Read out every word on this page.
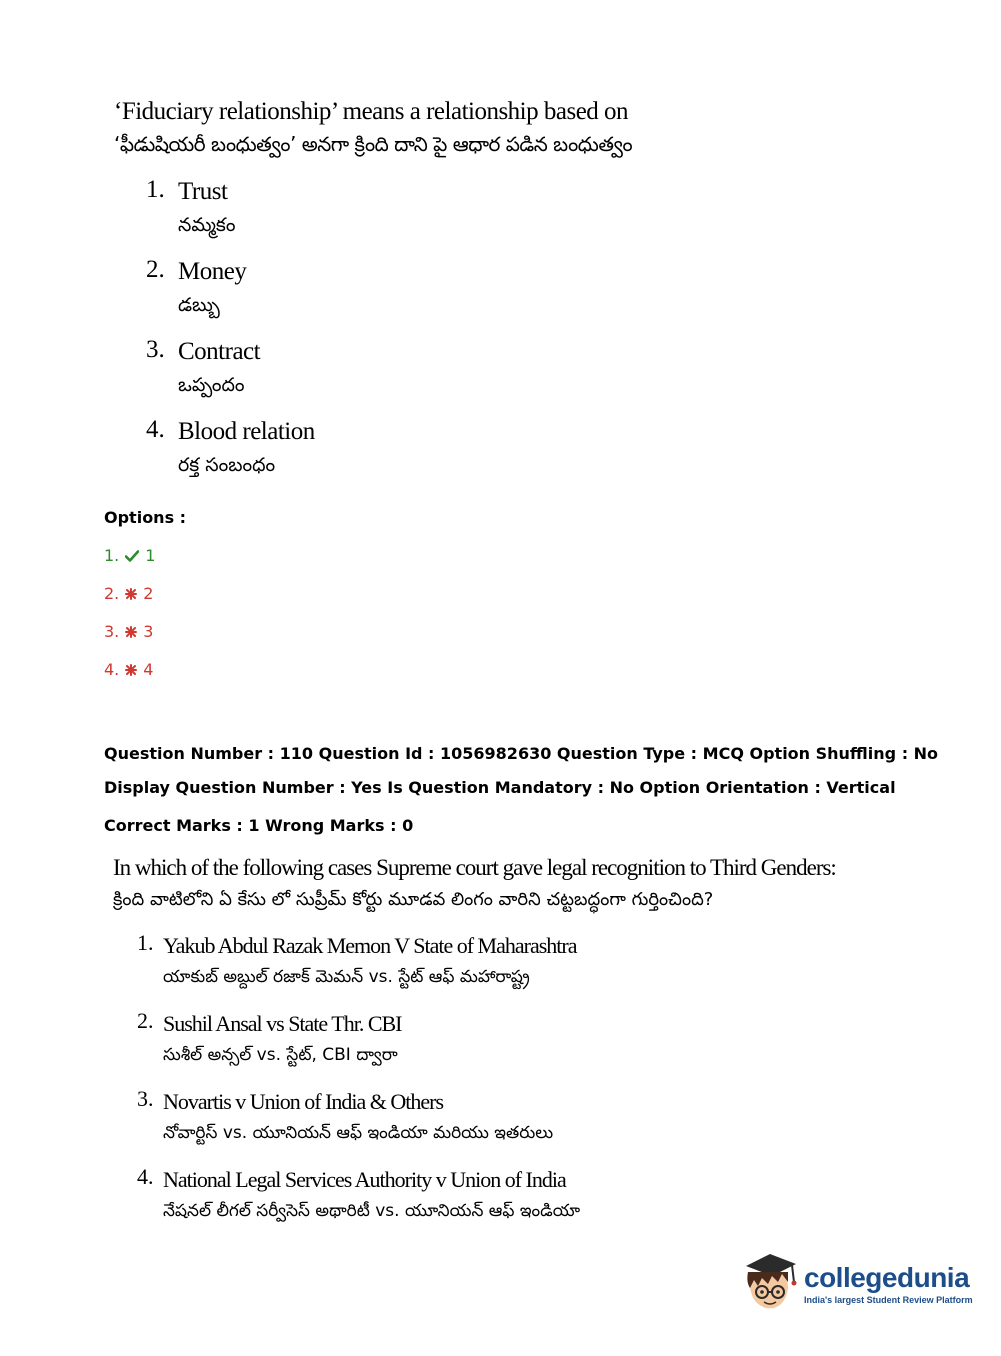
‘Fiduciary relationship’ means a relationship based on
‘ఫీడుషియరీ బంధుత్వం’ అనగా క్రింది దాని పై ఆధార పడిన బంధుత్వం
1. Trust
నమ్మకం
2. Money
డబ్బు
3. Contract
ఒప్పందం
4. Blood relation
రక్త సంబంధం
Options :
1. 1
2. 2
3. 3
4. 4
Question Number : 110 Question Id : 1056982630 Question Type : MCQ Option Shuffling : No
Display Question Number : Yes Is Question Mandatory : No Option Orientation : Vertical
Correct Marks : 1 Wrong Marks : 0
In which of the following cases Supreme court gave legal recognition to Third Genders:
క్రింది వాటిలోని ఏ కేసు లో సుప్రీమ్ కోర్టు మూడవ లింగం వారిని చట్టబద్ధంగా గుర్తించింది?
1. Yakub Abdul Razak Memon V State of Maharashtra
యాకుబ్ అబ్దుల్ రజాక్ మెమన్ vs. స్టేట్ ఆఫ్ మహారాష్ట్ర
2. Sushil Ansal vs State Thr. CBI
సుశీల్ అన్సల్ vs. స్టేట్, CBI ద్వారా
3. Novartis v Union of India & Others
నోవార్టిస్ vs. యూనియన్ ఆఫ్ ఇండియా మరియు ఇతరులు
4. National Legal Services Authority v Union of India
నేషనల్ లీగల్ సర్వీసెస్ అథారిటీ vs. యూనియన్ ఆఫ్ ఇండియా
collegedunia
India's largest Student Review Platform
